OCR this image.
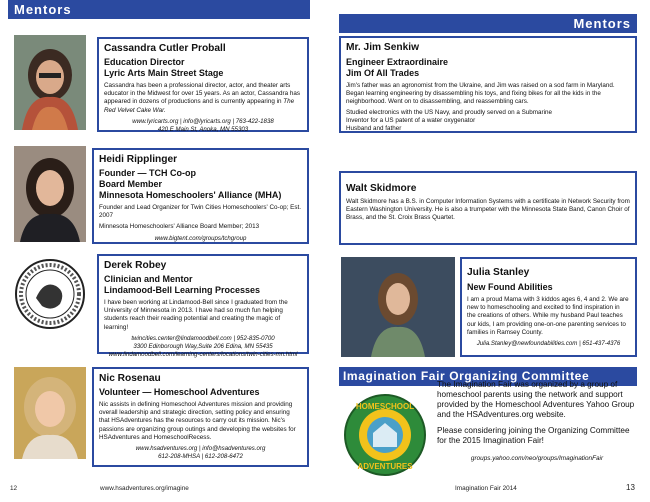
Mentors
Cassandra Cutler Proball
Education Director
Lyric Arts Main Street Stage
Cassandra has been a professional director, actor, and theater arts educator in the Midwest for over 15 years. As an actor, Cassandra has appeared in dozens of productions and is currently appearing in The Red Velvet Cake War.
www.lyricarts.org | info@lyricarts.org | 763-422-1838
420 E Main St, Anoka, MN 55303
Heidi Ripplinger
Founder — TCH Co-op
Board Member
Minnesota Homeschoolers' Alliance (MHA)
Founder and Lead Organizer for Twin Cities Homeschoolers' Co-op; Est. 2007
Minnesota Homeschoolers' Alliance Board Member; 2013
www.bigtent.com/groups/tchgroup
Derek Robey
Clinician and Mentor
Lindamood-Bell Learning Processes
I have been working at Lindamood-Bell since I graduated from the University of Minnesota in 2013. I have had so much fun helping students reach their reading potential and creating the magic of learning!
twincities.center@lindamoodbell.com | 952-835-0700
3300 Edinborough Way,Suite 206 Edina, MN 55435
www.lindamoodbell.com/learning-centers/locations/twin-cities-mn.html
Nic Rosenau
Volunteer — Homeschool Adventures
Nic assists in defining Homeschool Adventures mission and providing overall leadership and strategic direction, setting policy and ensuring that HSAdventures has the resources to carry out its mission. Nic's passions are organizing group outings and developing the websites for HSAdventures and HomeschoolRecess.
www.hsadventures.org | info@hsadventures.org
612-208-MHSA | 612-208-6472
Mentors
Mr. Jim Senkiw
Engineer Extraordinaire
Jim Of All Trades
Jim's father was an agronomist from the Ukraine, and Jim was raised on a sod farm in Maryland. Began learning engineering by disassembling his toys, and fixing bikes for all the kids in the neighborhood. Went on to disassembling, and reassembling cars.
Studied electronics with the US Navy, and proudly served on a Submarine
Inventor for a US patent of a water oxygenator
Husband and father
Walt Skidmore
Walt Skidmore has a B.S. in Computer Information Systems with a certificate in Network Security from Eastern Washington University. He is also a trumpeter with the Minnesota State Band, Canon Choir of Brass, and the St. Croix Brass Quartet.
Julia Stanley
New Found Abilities
I am a proud Mama with 3 kiddos ages 6, 4 and 2. We are new to homeschooling and excited to find inspiration in the creations of others. While my husband Paul teaches our kids, I am providing one-on-one parenting services to families in Ramsey County.
Julia.Stanley@newfoundabilities.com | 651-437-4376
Imagination Fair Organizing Committee
HOMESCHOOL
ADVENTURES
The Imagination Fair was organized by a group of homeschool parents using the network and support provided by the Homeschool Adventures Yahoo Group and the HSAdventures.org website.
Please considering joining the Organizing Committee for the 2015 Imagination Fair!
groups.yahoo.com/neo/groups/ImaginationFair
12	www.hsadventures.org/imagine	Imagination Fair 2014	13
